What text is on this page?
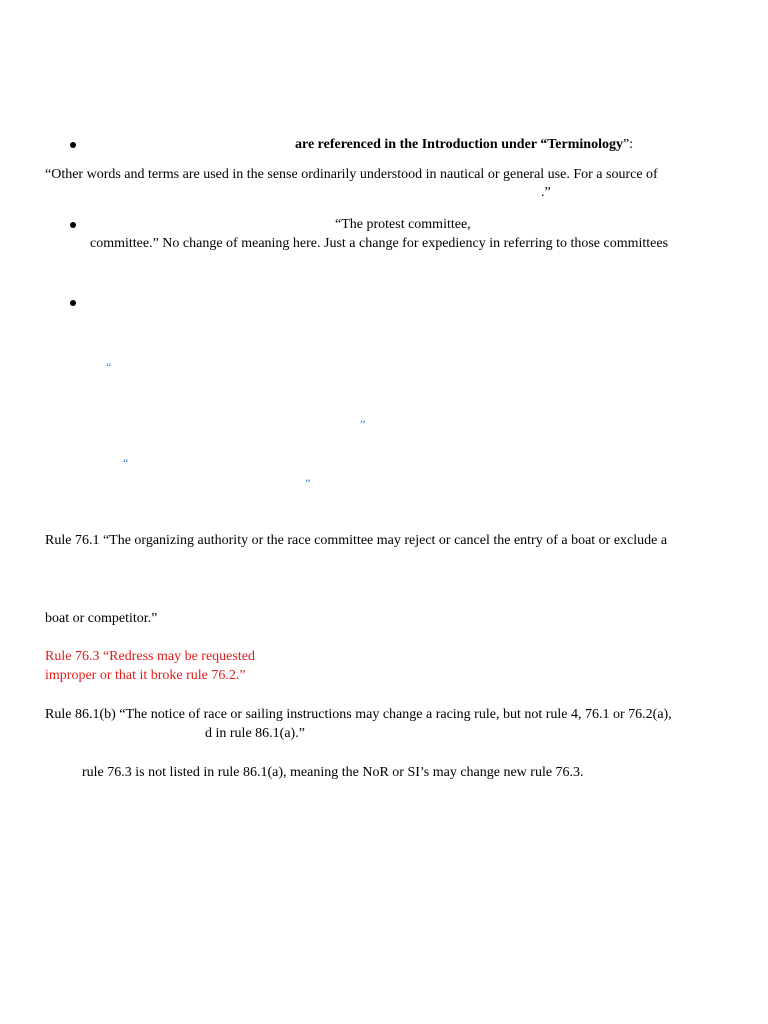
are referenced in the Introduction under “Terminology”:
“Other words and terms are used in the sense ordinarily understood in nautical or general use. For a source of
.”
“The protest committee,
committee.” No change of meaning here. Just a change for expediency in referring to those committees
“
”
“
”
Rule 76.1 “The organizing authority or the race committee may reject or cancel the entry of a boat or exclude a
boat or competitor.”
Rule 76.3 “Redress may be requested
improper or that it broke rule 76.2.”
Rule 86.1(b) “The notice of race or sailing instructions may change a racing rule, but not rule 4, 76.1 or 76.2(a),
d in rule 86.1(a).”
rule 76.3 is not listed in rule 86.1(a), meaning the NoR or SI’s may change new rule 76.3.
